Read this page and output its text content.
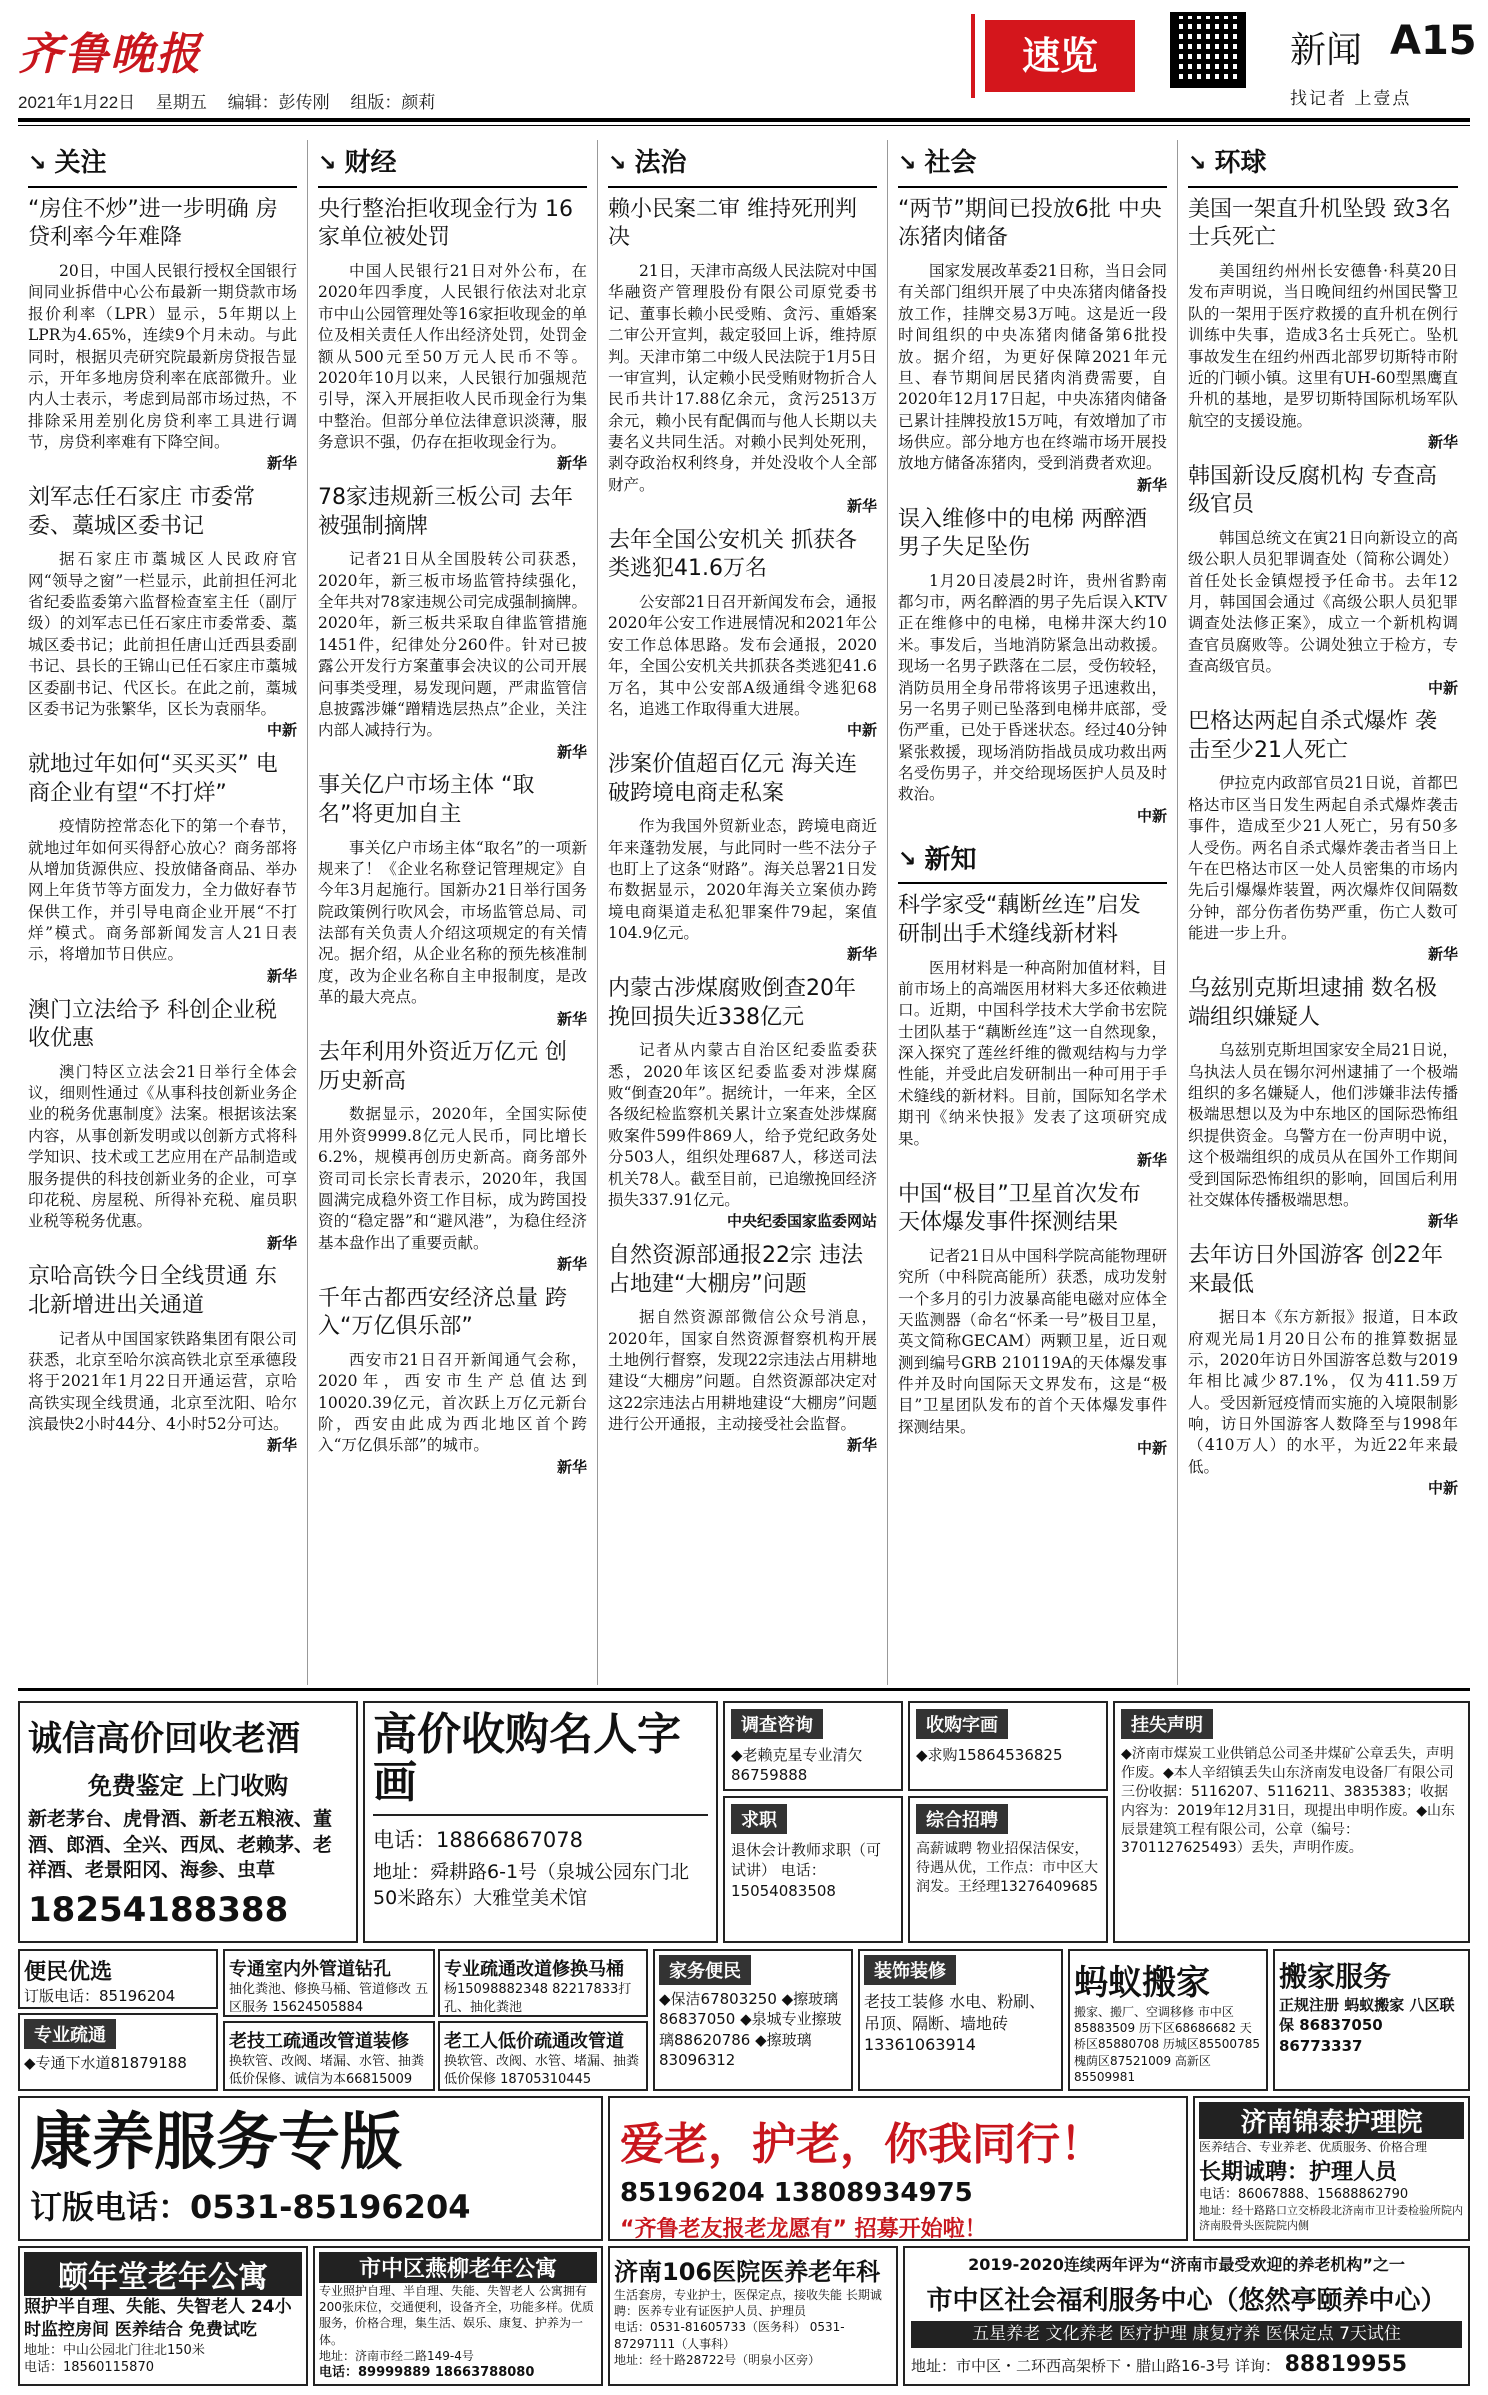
齐鲁晚报
2021年1月22日 星期五 编辑：彭传刚 组版：颜莉
速览	新闻 A15
找记者 上壹点
↘ 关注
“房住不炒”进一步明确 房贷利率今年难降

20日，中国人民银行授权全国银行间同业拆借中心公布最新一期贷款市场报价利率（LPR）显示，5年期以上LPR为4.65%，连续9个月未动。与此同时，根据贝壳研究院最新房贷报告显示，开年多地房贷利率在底部微升。业内人士表示，考虑到局部市场过热，不排除采用差别化房贷利率工具进行调节，房贷利率难有下降空间。

新华
刘军志任石家庄 市委常委、藁城区委书记

据石家庄市藁城区人民政府官网“领导之窗”一栏显示，此前担任河北省纪委监委第六监督检查室主任（副厅级）的刘军志已任石家庄市委常委、藁城区委书记；此前担任唐山迁西县委副书记、县长的王锦山已任石家庄市藁城区委副书记、代区长。在此之前，藁城区委书记为张繁华，区长为袁丽华。

中新
就地过年如何“买买买” 电商企业有望“不打烊”

疫情防控常态化下的第一个春节，就地过年如何买得舒心放心？商务部将从增加货源供应、投放储备商品、举办网上年货节等方面发力，全力做好春节保供工作，并引导电商企业开展“不打烊”模式。商务部新闻发言人21日表示，将增加节日供应。

新华
澳门立法给予 科创企业税收优惠

澳门特区立法会21日举行全体会议，细则性通过《从事科技创新业务企业的税务优惠制度》法案。根据该法案内容，从事创新发明或以创新方式将科学知识、技术或工艺应用在产品制造或服务提供的科技创新业务的企业，可享印花税、房屋税、所得补充税、雇员职业税等税务优惠。

新华
京哈高铁今日全线贯通 东北新增进出关通道

记者从中国国家铁路集团有限公司获悉，北京至哈尔滨高铁北京至承德段将于2021年1月22日开通运营，京哈高铁实现全线贯通，北京至沈阳、哈尔滨最快2小时44分、4小时52分可达。

新华
↘ 财经
央行整治拒收现金行为 16家单位被处罚

中国人民银行21日对外公布，在2020年四季度，人民银行依法对北京市中山公园管理处等16家拒收现金的单位及相关责任人作出经济处罚，处罚金额从500元至50万元人民币不等。2020年10月以来，人民银行加强规范引导，深入开展拒收人民币现金行为集中整治。但部分单位法律意识淡薄，服务意识不强，仍存在拒收现金行为。

新华
78家违规新三板公司 去年被强制摘牌

记者21日从全国股转公司获悉，2020年，新三板市场监管持续强化，全年共对78家违规公司完成强制摘牌。2020年，新三板共采取自律监管措施1451件，纪律处分260件。针对已披露公开发行方案董事会决议的公司开展问事类受理，易发现问题，严肃监管信息披露涉嫌“蹭精选层热点”企业，关注内部人减持行为。

新华
事关亿户市场主体 “取名”将更加自主

事关亿户市场主体“取名”的一项新规来了！《企业名称登记管理规定》自今年3月起施行。国新办21日举行国务院政策例行吹风会，市场监管总局、司法部有关负责人介绍这项规定的有关情况。据介绍，从企业名称的预先核准制度，改为企业名称自主申报制度，是改革的最大亮点。

新华
去年利用外资近万亿元 创历史新高

数据显示，2020年，全国实际使用外资9999.8亿元人民币，同比增长6.2%，规模再创历史新高。商务部外资司司长宗长青表示，2020年，我国圆满完成稳外资工作目标，成为跨国投资的“稳定器”和“避风港”，为稳住经济基本盘作出了重要贡献。

新华
千年古都西安经济总量 跨入“万亿俱乐部”

西安市21日召开新闻通气会称，2020年，西安市生产总值达到10020.39亿元，首次跃上万亿元新台阶，西安由此成为西北地区首个跨入“万亿俱乐部”的城市。

新华
↘ 法治
赖小民案二审 维持死刑判决

21日，天津市高级人民法院对中国华融资产管理股份有限公司原党委书记、董事长赖小民受贿、贪污、重婚案二审公开宣判，裁定驳回上诉，维持原判。天津市第二中级人民法院于1月5日一审宣判，认定赖小民受贿财物折合人民币共计17.88亿余元，贪污2513万余元，赖小民有配偶而与他人长期以夫妻名义共同生活。对赖小民判处死刑，剥夺政治权利终身，并处没收个人全部财产。

新华
去年全国公安机关 抓获各类逃犯41.6万名

公安部21日召开新闻发布会，通报2020年公安工作进展情况和2021年公安工作总体思路。发布会通报，2020年，全国公安机关共抓获各类逃犯41.6万名，其中公安部A级通缉令逃犯68名，追逃工作取得重大进展。

中新
涉案价值超百亿元 海关连破跨境电商走私案

作为我国外贸新业态，跨境电商近年来蓬勃发展，与此同时一些不法分子也盯上了这条“财路”。海关总署21日发布数据显示，2020年海关立案侦办跨境电商渠道走私犯罪案件79起，案值104.9亿元。

新华
内蒙古涉煤腐败倒查20年 挽回损失近338亿元

记者从内蒙古自治区纪委监委获悉，2020年该区纪委监委对涉煤腐败“倒查20年”。据统计，一年来，全区各级纪检监察机关累计立案查处涉煤腐败案件599件869人，给予党纪政务处分503人，组织处理687人，移送司法机关78人。截至目前，已追缴挽回经济损失337.91亿元。

中央纪委国家监委网站
自然资源部通报22宗 违法占地建“大棚房”问题

据自然资源部微信公众号消息，2020年，国家自然资源督察机构开展土地例行督察，发现22宗违法占用耕地建设“大棚房”问题。自然资源部决定对这22宗违法占用耕地建设“大棚房”问题进行公开通报，主动接受社会监督。

新华
↘ 社会
“两节”期间已投放6批 中央冻猪肉储备

国家发展改革委21日称，当日会同有关部门组织开展了中央冻猪肉储备投放工作，挂牌交易3万吨。这是近一段时间组织的中央冻猪肉储备第6批投放。据介绍，为更好保障2021年元旦、春节期间居民猪肉消费需要，自2020年12月17日起，中央冻猪肉储备已累计挂牌投放15万吨，有效增加了市场供应。部分地方也在终端市场开展投放地方储备冻猪肉，受到消费者欢迎。

新华
误入维修中的电梯 两醉酒男子失足坠伤

1月20日凌晨2时许，贵州省黔南都匀市，两名醉酒的男子先后误入KTV正在维修中的电梯，电梯井深大约10米。事发后，当地消防紧急出动救援。现场一名男子跌落在二层，受伤较轻，消防员用全身吊带将该男子迅速救出，另一名男子则已坠落到电梯井底部，受伤严重，已处于昏迷状态。经过40分钟紧张救援，现场消防指战员成功救出两名受伤男子，并交给现场医护人员及时救治。

中新
↘ 新知
科学家受“藕断丝连”启发 研制出手术缝线新材料

医用材料是一种高附加值材料，目前市场上的高端医用材料大多还依赖进口。近期，中国科学技术大学俞书宏院士团队基于“藕断丝连”这一自然现象，深入探究了莲丝纤维的微观结构与力学性能，并受此启发研制出一种可用于手术缝线的新材料。目前，国际知名学术期刊《纳米快报》发表了这项研究成果。

新华
中国“极目”卫星首次发布 天体爆发事件探测结果

记者21日从中国科学院高能物理研究所（中科院高能所）获悉，成功发射一个多月的引力波暴高能电磁对应体全天监测器（命名“怀柔一号”极目卫星，英文简称GECAM）两颗卫星，近日观测到编号GRB 210119A的天体爆发事件并及时向国际天文界发布，这是“极目”卫星团队发布的首个天体爆发事件探测结果。

中新
↘ 环球
美国一架直升机坠毁 致3名士兵死亡

美国纽约州州长安德鲁·科莫20日发布声明说，当日晚间纽约州国民警卫队的一架用于医疗救援的直升机在例行训练中失事，造成3名士兵死亡。坠机事故发生在纽约州西北部罗切斯特市附近的门顿小镇。这里有UH-60型黑鹰直升机的基地，是罗切斯特国际机场军队航空的支援设施。

新华
韩国新设反腐机构 专查高级官员

韩国总统文在寅21日向新设立的高级公职人员犯罪调查处（简称公调处）首任处长金镇煜授予任命书。去年12月，韩国国会通过《高级公职人员犯罪调查处法修正案》，成立一个新机构调查官员腐败等。公调处独立于检方，专查高级官员。

中新
巴格达两起自杀式爆炸 袭击至少21人死亡

伊拉克内政部官员21日说，首都巴格达市区当日发生两起自杀式爆炸袭击事件，造成至少21人死亡，另有50多人受伤。两名自杀式爆炸袭击者当日上午在巴格达市区一处人员密集的市场内先后引爆爆炸装置，两次爆炸仅间隔数分钟，部分伤者伤势严重，伤亡人数可能进一步上升。

新华
乌兹别克斯坦逮捕 数名极端组织嫌疑人

乌兹别克斯坦国家安全局21日说，乌执法人员在锡尔河州逮捕了一个极端组织的多名嫌疑人，他们涉嫌非法传播极端思想以及为中东地区的国际恐怖组织提供资金。乌警方在一份声明中说，这个极端组织的成员从在国外工作期间受到国际恐怖组织的影响，回国后利用社交媒体传播极端思想。

新华
去年访日外国游客 创22年来最低

据日本《东方新报》报道，日本政府观光局1月20日公布的推算数据显示，2020年访日外国游客总数与2019年相比减少87.1%，仅为411.59万人。受因新冠疫情而实施的入境限制影响，访日外国游客人数降至与1998年（410万人）的水平，为近22年来最低。

中新
诚信高价回收老酒
免费鉴定 上门收购
新老茅台、虎骨酒、新老五粮液、董酒、郎酒、全兴、西凤、老赖茅、老祥酒、老景阳冈、海参、虫草
18254188388
高价收购名人字画
电话：18866867078
地址：舜耕路6-1号（泉城公园东门北50米路东）大雅堂美术馆
调查咨询
◆老赖克星专业清欠 86759888
收购字画
◆求购15864536825
挂失声明
◆济南市煤炭工业供销总公司圣井煤矿公章丢失，声明作废。◆本人辛绍镇丢失山东济南发电设备厂有限公司三份收据：5116207、5116211、3835383；收据内容为：2019年12月31日，现提出申明作废。◆山东辰景建筑工程有限公司，公章（编号：3701127625493）丢失，声明作废。
求职
退休会计教师求职（可试讲） 电话：15054083508
综合招聘
高薪诚聘 物业招保洁保安，待遇从优，工作点：市中区大润发。王经理13276409685
便民优选
订版电话：85196204
专业疏通
◆专通下水道81879188
专通室内外管道钻孔
抽化粪池、修换马桶、管道修改 五区服务 15624505884
专业疏通改道修换马桶
杨15098882348 82217833打孔、抽化粪池
老技工疏通改管道装修
换软管、改阀、堵漏、水管、抽粪 低价保修、诚信为本66815009
老工人低价疏通改管道
换软管、改阀、水管、堵漏、抽粪 低价保修 18705310445
家务便民
◆保洁67803250 ◆擦玻璃86837050 ◆泉城专业擦玻璃88620786 ◆擦玻璃83096312
装饰装修
老技工装修 水电、粉刷、吊顶、隔断、墙地砖13361063914
蚂蚁搬家
搬家、搬厂、空调移修 市中区85883509 历下区68686682 天桥区85880708 历城区85500785 槐荫区87521009 高新区85509981
搬家服务
正规注册 蚂蚁搬家 八区联保 86837050 86773337
康养服务专版
订版电话：0531-85196204
爱老，护老，你我同行！
85196204 13808934975
“齐鲁老友报老龙愿有” 招募开始啦！
济南锦泰护理院
医养结合、专业养老、优质服务、价格合理
长期诚聘：护理人员
电话：86067888、15688862790
地址：经十路路口立交桥段北济南市卫计委检验所院内 济南股骨头医院院内侧
颐年堂老年公寓
照护半自理、失能、失智老人 24小时监控房间 医养结合 免费试吃
地址：中山公园北门往北150米
电话：18560115870
市中区燕柳老年公寓
专业照护自理、半自理、失能、失智老人 公寓拥有200张床位，交通便利，设备齐全，功能多样。优质服务，价格合理，集生活、娱乐、康复、护养为一体。
地址：济南市经二路149-4号
电话：89999889 18663788080
济南106医院医养老年科
生活套房，专业护士，医保定点，接收失能 长期诚聘：医养专业有证医护人员、护理员
电话：0531-81605733（医务科） 0531-87297111（人事科）
地址：经十路28722号（明泉小区旁）
2019-2020连续两年评为“济南市最受欢迎的养老机构”之一
市中区社会福利服务中心（悠然亭颐养中心）
五星养老 文化养老 医疗护理 康复疗养 医保定点 7天试住
地址：市中区・二环西高架桥下・腊山路16-3号 详询： 88819955
